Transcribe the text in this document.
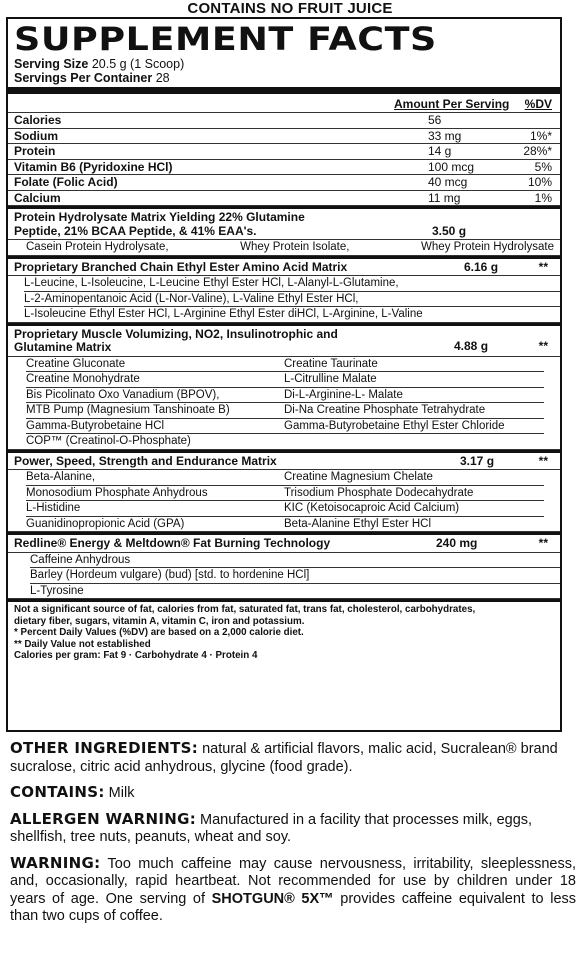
CONTAINS NO FRUIT JUICE
SUPPLEMENT FACTS
Serving Size 20.5 g (1 Scoop)
Servings Per Container 28
Amount Per Serving %DV
Calories	56
Sodium	33 mg	1%*
Protein	14 g	28%*
Vitamin B6 (Pyridoxine HCl)	100 mcg	5%
Folate (Folic Acid)	40 mcg	10%
Calcium	11 mg	1%
Protein Hydrolysate Matrix Yielding 22% Glutamine
Peptide, 21% BCAA Peptide, & 41% EAA's.	3.50 g
Casein Protein Hydrolysate,	Whey Protein Isolate,	Whey Protein Hydrolysate
Proprietary Branched Chain Ethyl Ester Amino Acid Matrix	6.16 g	**
L-Leucine, L-Isoleucine, L-Leucine Ethyl Ester HCl, L-Alanyl-L-Glutamine,
L-2-Aminopentanoic Acid (L-Nor-Valine), L-Valine Ethyl Ester HCl,
L-Isoleucine Ethyl Ester HCl, L-Arginine Ethyl Ester diHCl, L-Arginine, L-Valine
Proprietary Muscle Volumizing, NO2, Insulinotrophic and
Glutamine Matrix	4.88 g	**
Creatine Gluconate	Creatine Taurinate
Creatine Monohydrate	L-Citrulline Malate
Bis Picolinato Oxo Vanadium (BPOV),	Di-L-Arginine-L- Malate
MTB Pump (Magnesium Tanshinoate B)	Di-Na Creatine Phosphate Tetrahydrate
Gamma-Butyrobetaine HCl	Gamma-Butyrobetaine Ethyl Ester Chloride
COP™ (Creatinol-O-Phosphate)
Power, Speed, Strength and Endurance Matrix	3.17 g	**
Beta-Alanine,	Creatine Magnesium Chelate
Monosodium Phosphate Anhydrous	Trisodium Phosphate Dodecahydrate
L-Histidine	KIC (Ketoisocaproic Acid Calcium)
Guanidinopropionic Acid (GPA)	Beta-Alanine Ethyl Ester HCl
Redline® Energy & Meltdown® Fat Burning Technology	240 mg	**
Caffeine Anhydrous
Barley (Hordeum vulgare) (bud) [std. to hordenine HCl]
L-Tyrosine
Not a significant source of fat, calories from fat, saturated fat, trans fat, cholesterol, carbohydrates,
dietary fiber, sugars, vitamin A, vitamin C, iron and potassium.
* Percent Daily Values (%DV) are based on a 2,000 calorie diet.
** Daily Value not established
Calories per gram: Fat 9 · Carbohydrate 4 · Protein 4

OTHER INGREDIENTS: natural & artificial flavors, malic acid, Sucralean® brand sucralose, citric acid anhydrous, glycine (food grade).

CONTAINS: Milk

ALLERGEN WARNING: Manufactured in a facility that processes milk, eggs, shellfish, tree nuts, peanuts, wheat and soy.

WARNING: Too much caffeine may cause nervousness, irritability, sleeplessness, and, occasionally, rapid heartbeat. Not recommended for use by children under 18 years of age. One serving of SHOTGUN® 5X™ provides caffeine equivalent to less than two cups of coffee.
